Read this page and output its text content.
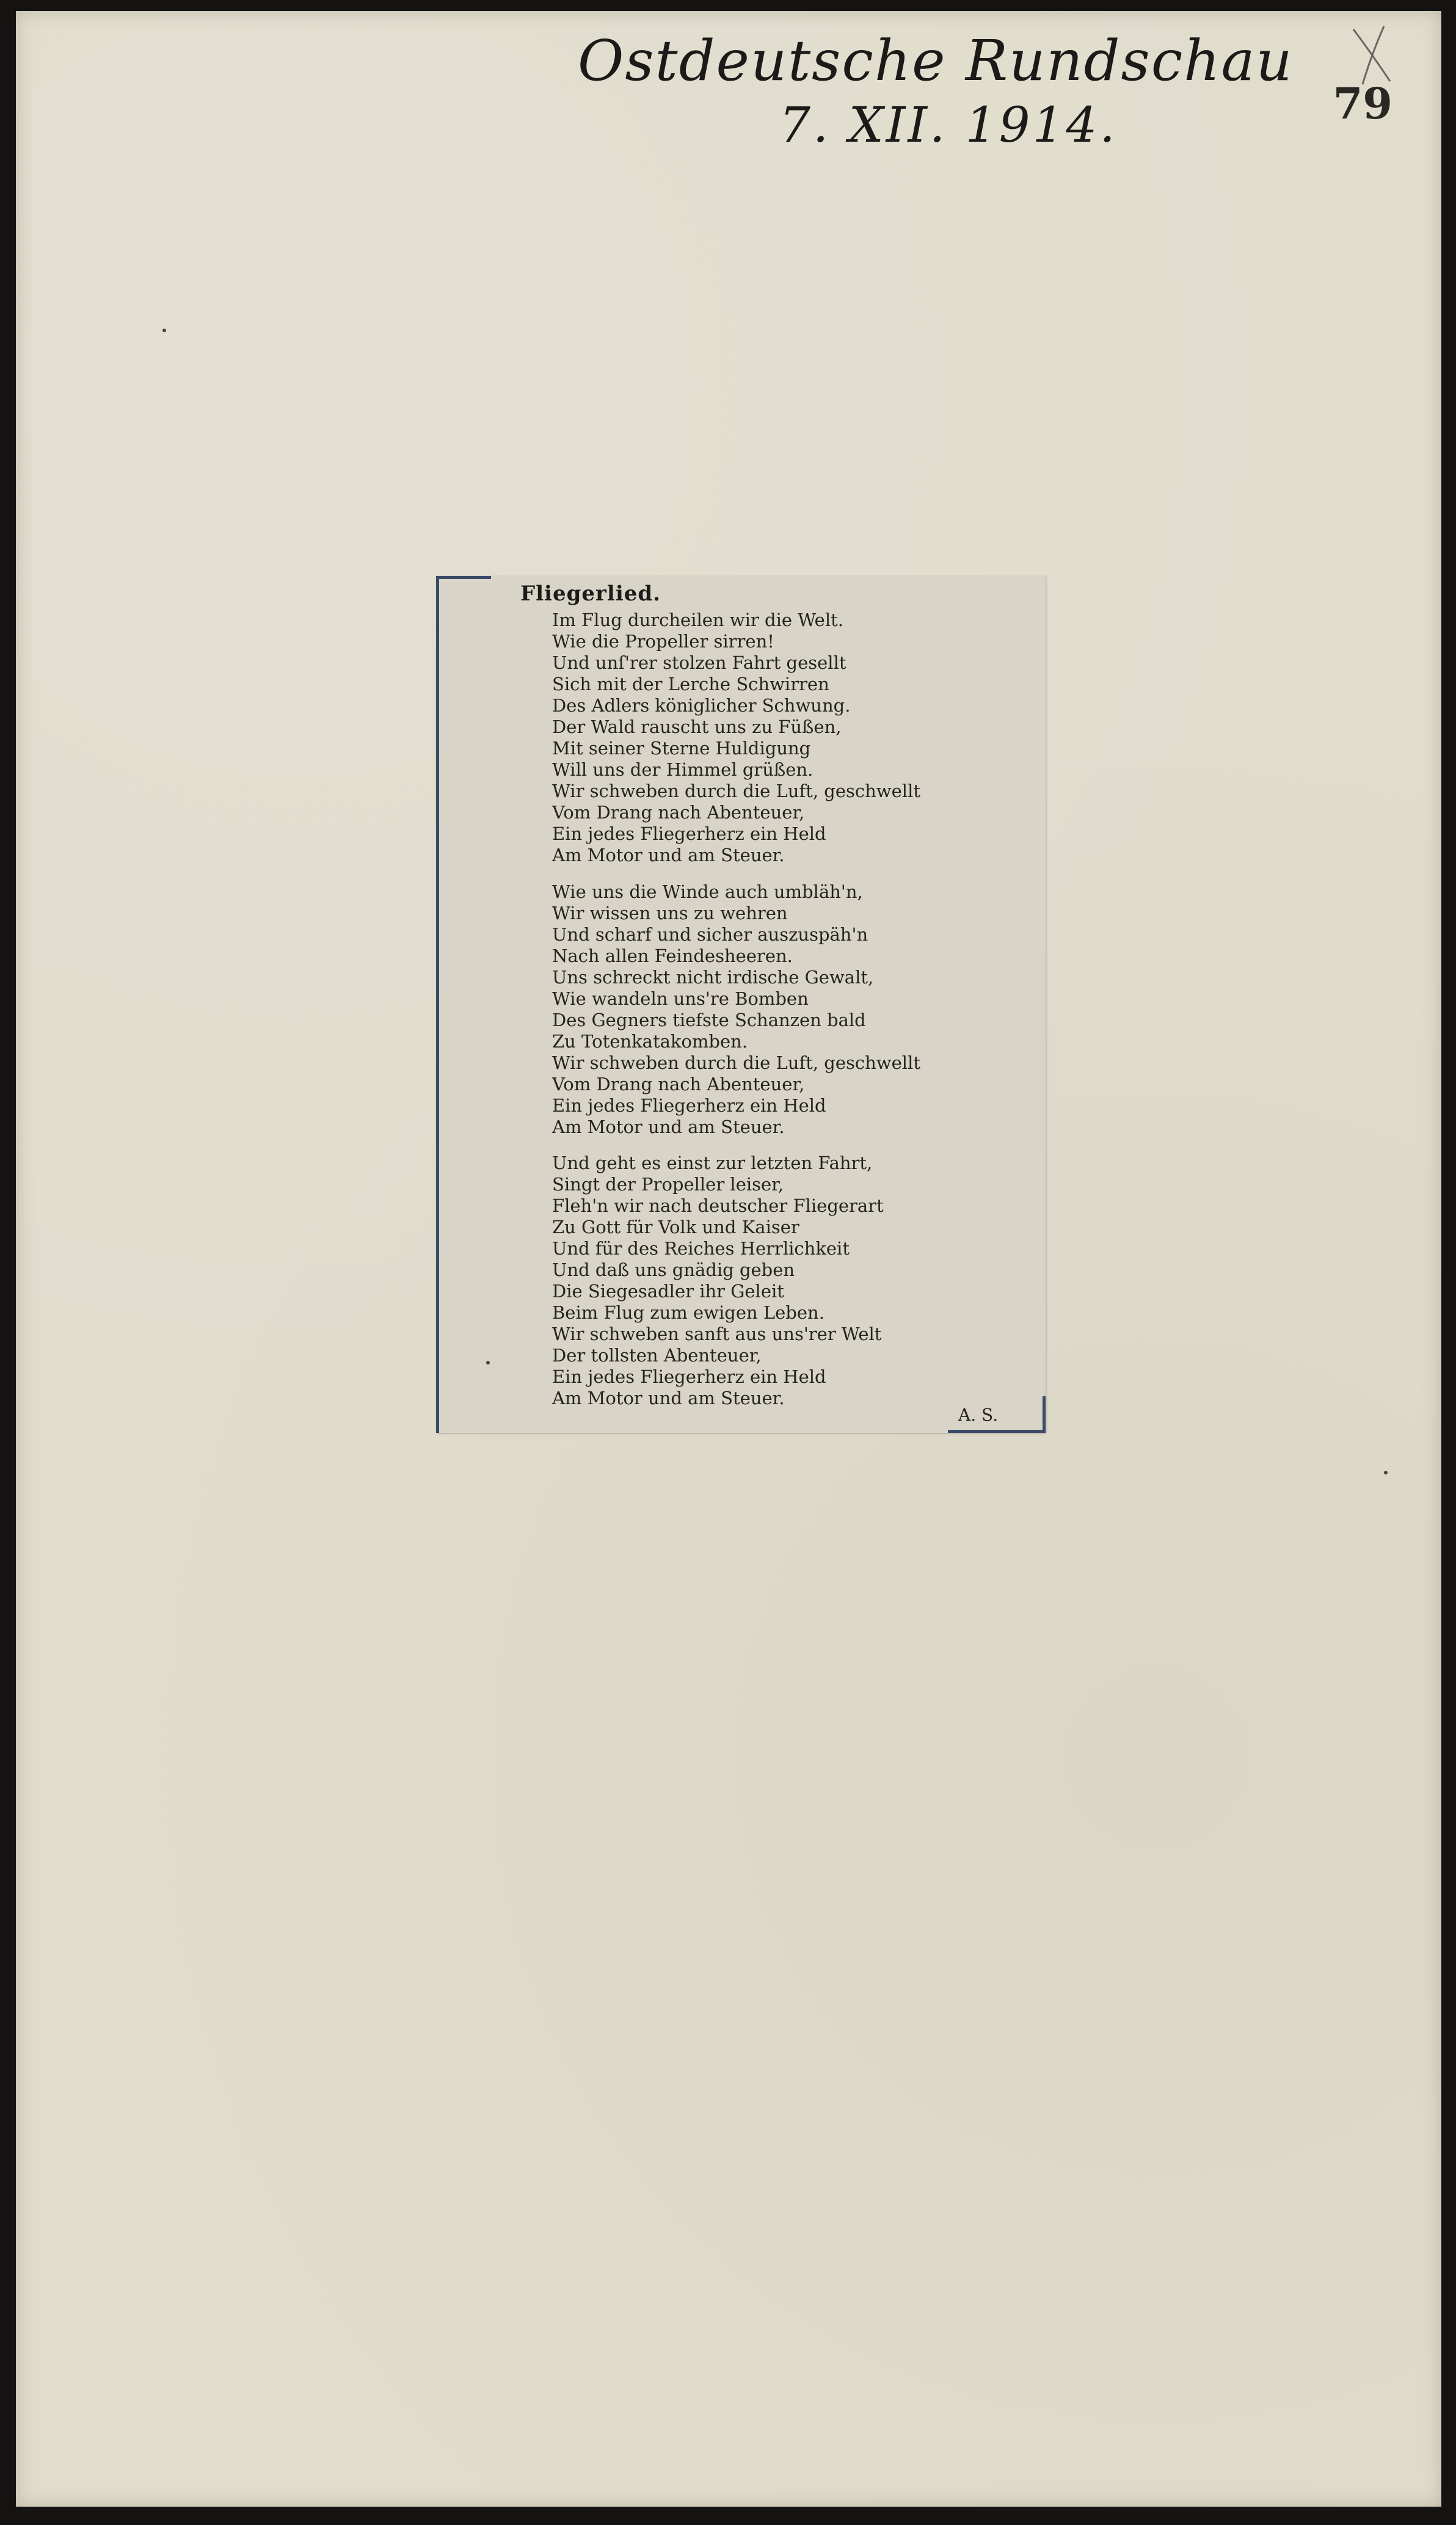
Ostdeutsche Rundschau
7. XII. 1914.	79
Fliegerlied.
Im Flug durcheilen wir die Welt.
Wie die Propeller sirren!
Und unſ'rer stolzen Fahrt gesellt
Sich mit der Lerche Schwirren
Des Adlers königlicher Schwung.
Der Wald rauscht uns zu Füßen,
Mit seiner Sterne Huldigung
Will uns der Himmel grüßen.
Wir schweben durch die Luft, geschwellt
Vom Drang nach Abenteuer,
Ein jedes Fliegerherz ein Held
Am Motor und am Steuer.
Wie uns die Winde auch umbläh'n,
Wir wissen uns zu wehren
Und scharf und sicher auszuspäh'n
Nach allen Feindesheeren.
Uns schreckt nicht irdische Gewalt,
Wie wandeln uns're Bomben
Des Gegners tiefste Schanzen bald
Zu Totenkatakomben.
Wir schweben durch die Luft, geschwellt
Vom Drang nach Abenteuer,
Ein jedes Fliegerherz ein Held
Am Motor und am Steuer.
Und geht es einst zur letzten Fahrt,
Singt der Propeller leiser,
Fleh'n wir nach deutscher Fliegerart
Zu Gott für Volk und Kaiser
Und für des Reiches Herrlichkeit
Und daß uns gnädig geben
Die Siegesadler ihr Geleit
Beim Flug zum ewigen Leben.
Wir schweben sanft aus uns'rer Welt
Der tollsten Abenteuer,
Ein jedes Fliegerherz ein Held
Am Motor und am Steuer.
A. S.
